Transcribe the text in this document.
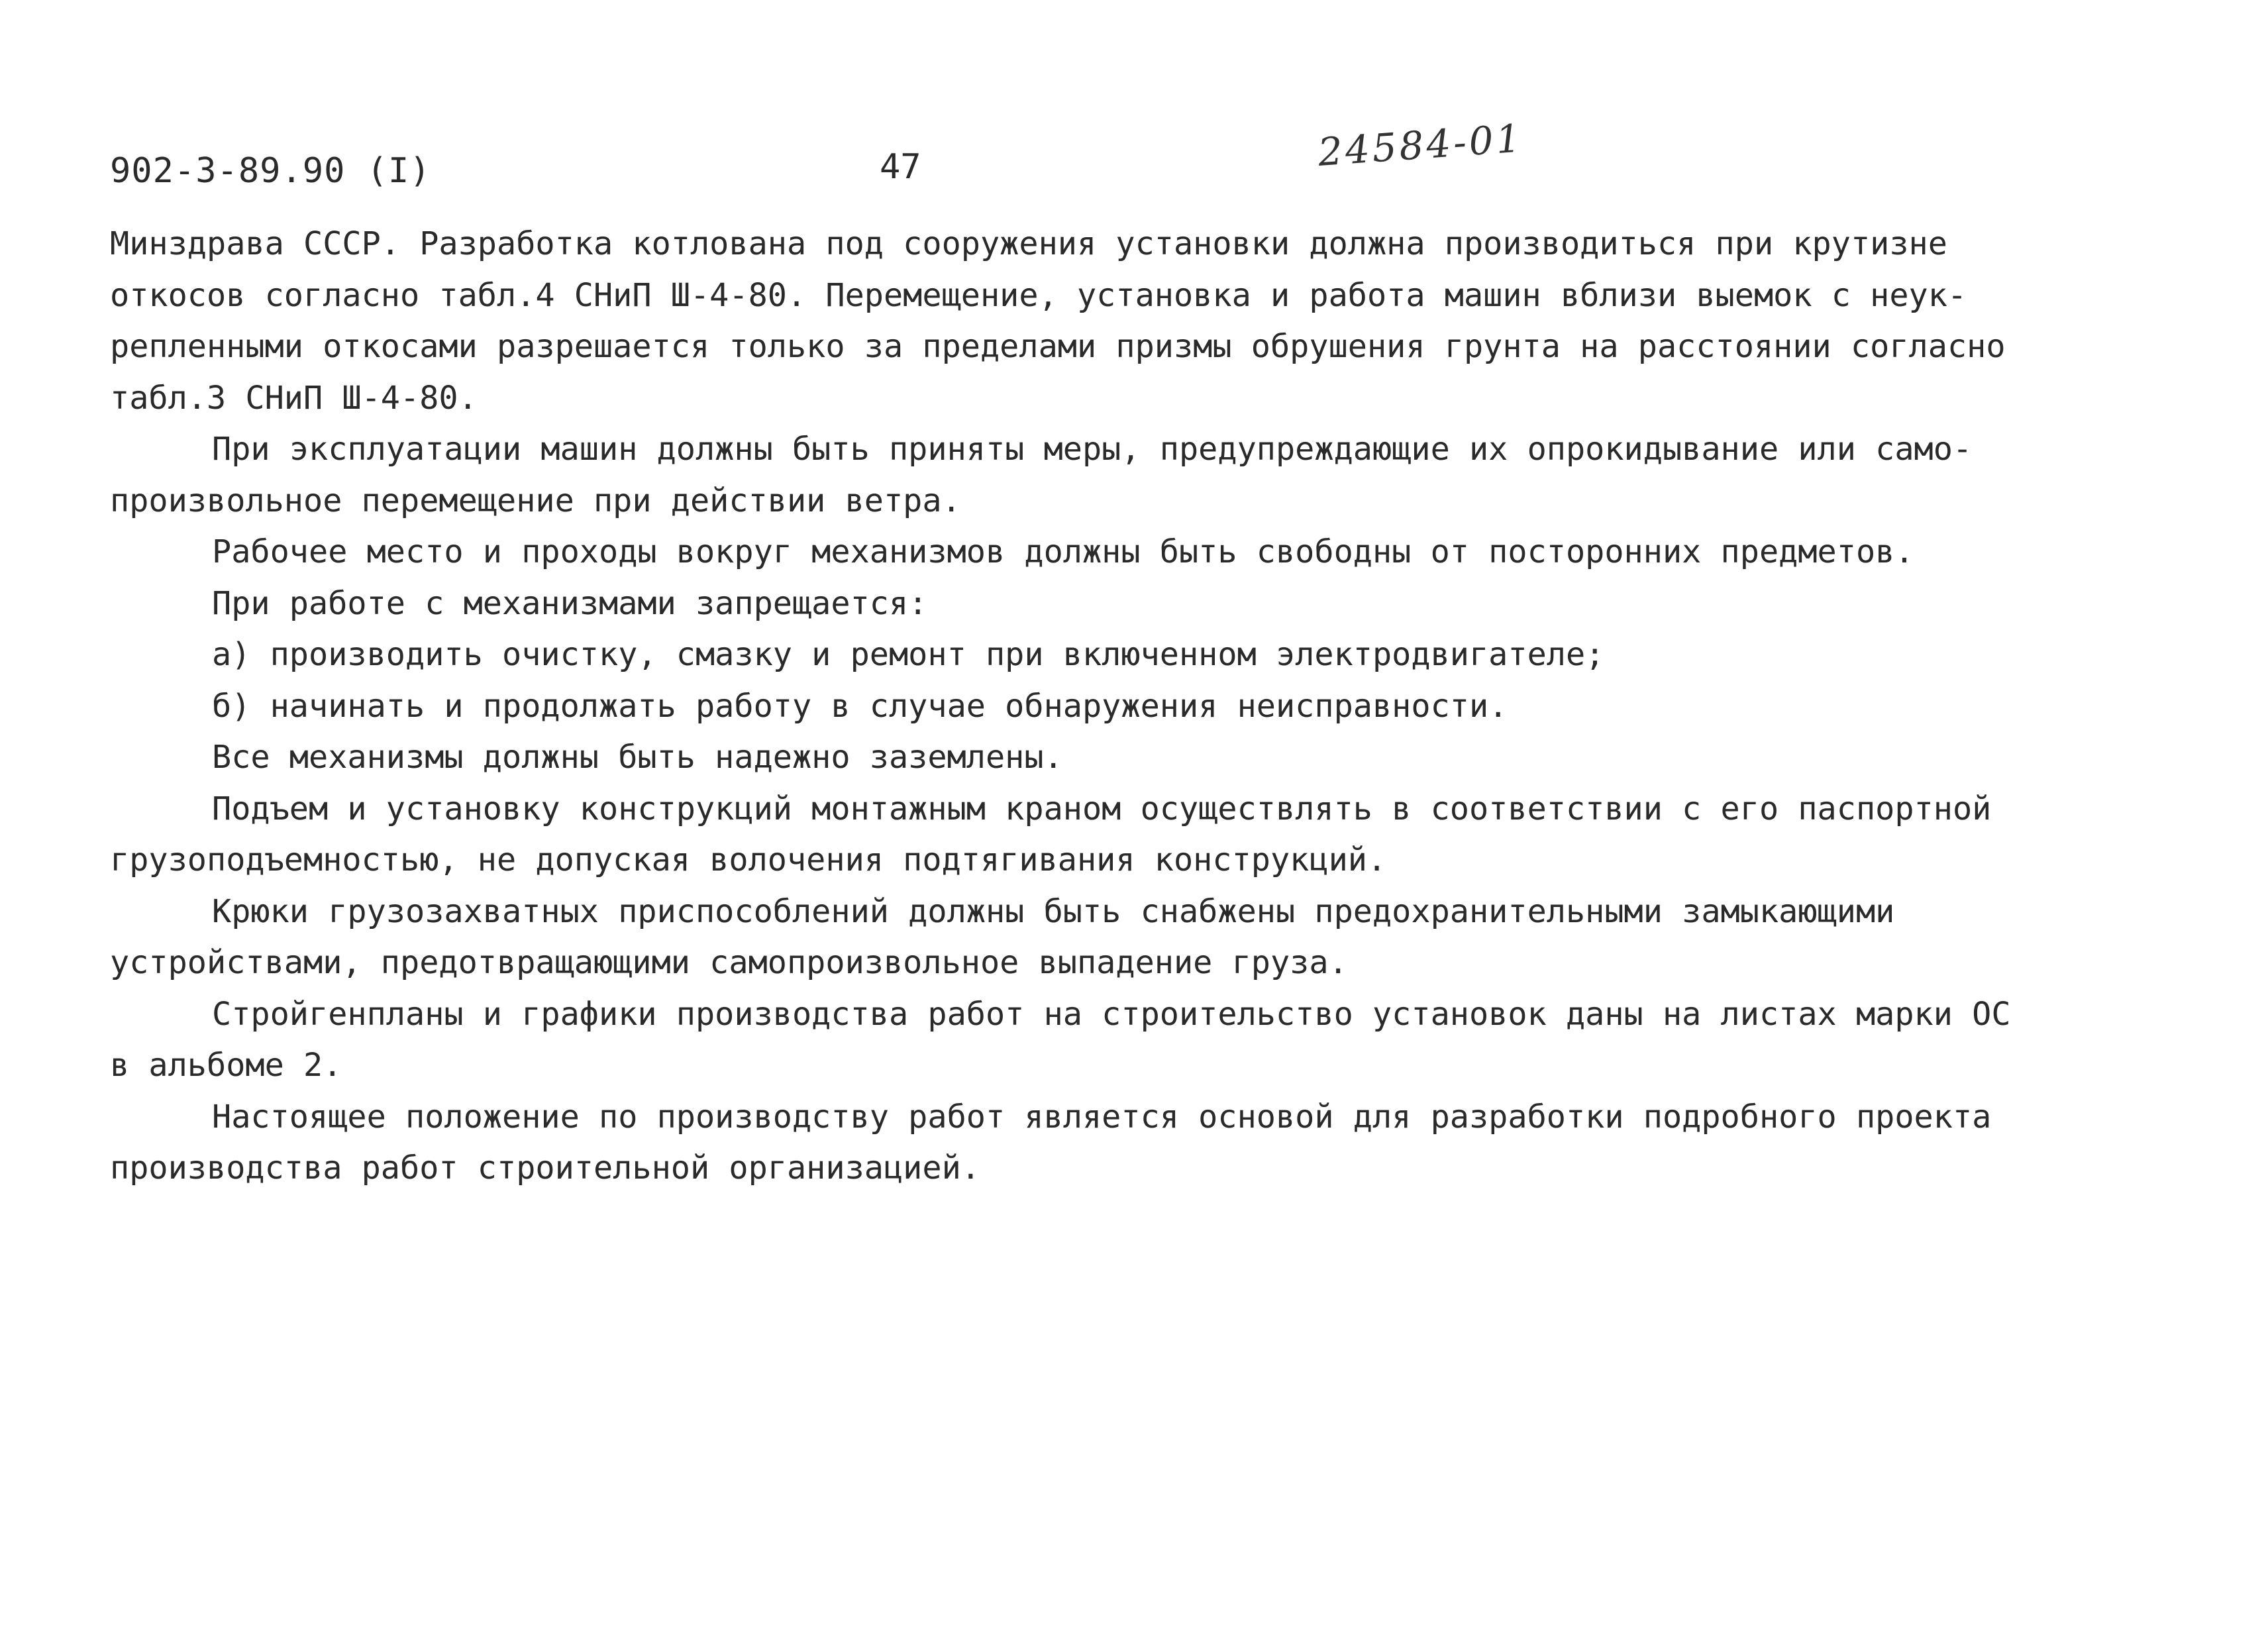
902-3-89.90 (I)	47	24584-01
Минздрава СССР. Разработка котлована под сооружения установки должна производиться при крутизне
откосов согласно табл.4 СНиП Ш-4-80. Перемещение, установка и работа машин вблизи выемок с неук-
репленными откосами разрешается только за пределами призмы обрушения грунта на расстоянии согласно
табл.3 СНиП Ш-4-80.
При эксплуатации машин должны быть приняты меры, предупреждающие их опрокидывание или само-
произвольное перемещение при действии ветра.
Рабочее место и проходы вокруг механизмов должны быть свободны от посторонних предметов.
При работе с механизмами запрещается:
а) производить очистку, смазку и ремонт при включенном электродвигателе;
б) начинать и продолжать работу в случае обнаружения неисправности.
Все механизмы должны быть надежно заземлены.
Подъем и установку конструкций монтажным краном осуществлять в соответствии с его паспортной
грузоподъемностью, не допуская волочения подтягивания конструкций.
Крюки грузозахватных приспособлений должны быть снабжены предохранительными замыкающими
устройствами, предотвращающими самопроизвольное выпадение груза.
Стройгенпланы и графики производства работ на строительство установок даны на листах марки ОС
в альбоме 2.
Настоящее положение по производству работ является основой для разработки подробного проекта
производства работ строительной организацией.
